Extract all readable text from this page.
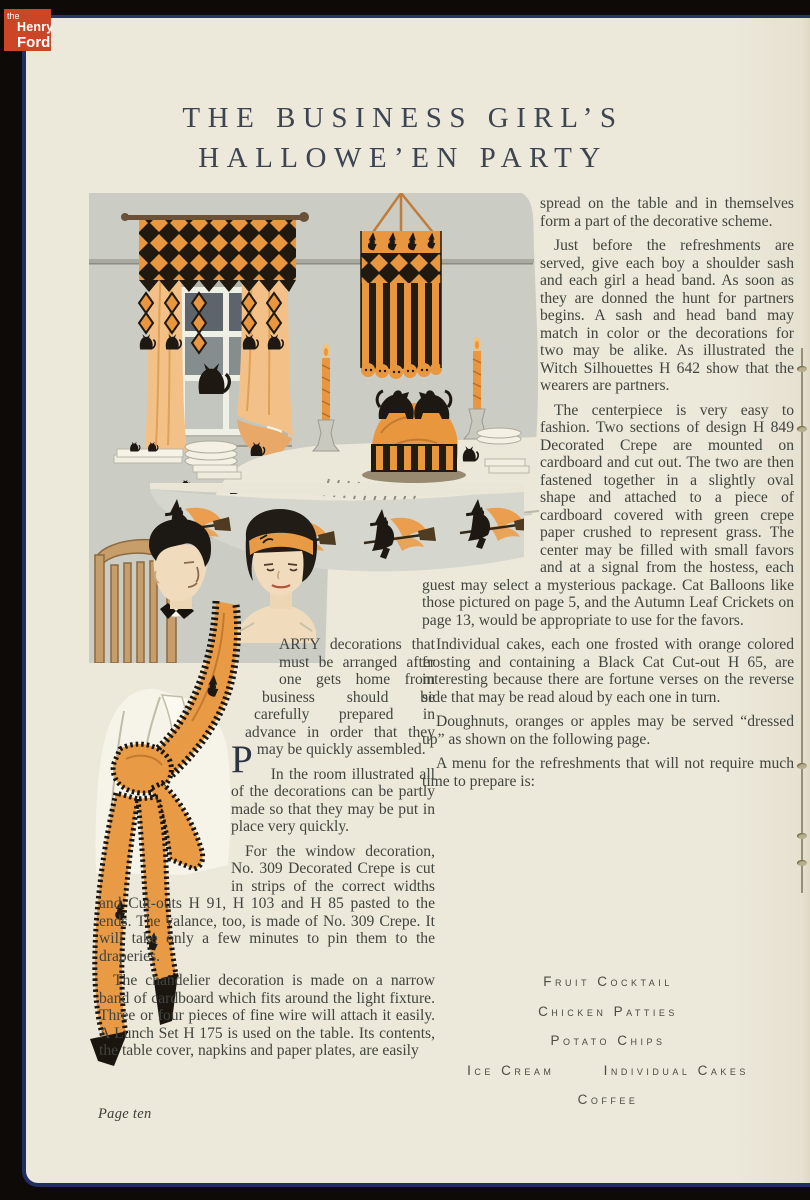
THE BUSINESS GIRL’S
HALLOWE’EN PARTY

spread on the table and in themselves form a part of the decorative scheme.

Just before the refreshments are served, give each boy a shoulder sash and each girl a head band. As soon as they are donned the hunt for partners begins. A sash and head band may match in color or the decorations for two may be alike. As illustrated the Witch Silhouettes H 642 show that the wearers are partners.

The centerpiece is very easy to fashion. Two sections of design H 849 Decorated Crepe are mounted on cardboard and cut out. The two are then fastened together in a slightly oval shape and attached to a piece of cardboard covered with green crepe paper crushed to represent grass. The center may be filled with small favors and at a signal from the hostess, each guest may select a mysterious package. Cat Balloons like those pictured on page 5, and the Autumn Leaf Crickets on page 13, would be appropriate to use for the favors.

Individual cakes, each one frosted with orange colored frosting and containing a Black Cat Cut-out H 65, are interesting because there are fortune verses on the reverse side that may be read aloud by each one in turn.

Doughnuts, oranges or apples may be served “dressed up” as shown on the following page.

A menu for the refreshments that will not require much time to prepare is:

P
ARTY decorations that must be arranged after one gets home from business should be carefully prepared in advance in order that they may be quickly assembled.

In the room illustrated all of the decorations can be partly made so that they may be put in place very quickly.

For the window decoration, No. 309 Decorated Crepe is cut in strips of the correct widths and Cut-outs H 91, H 103 and H 85 pasted to the ends. The valance, too, is made of No. 309 Crepe. It will take only a few minutes to pin them to the draperies.

The chandelier decoration is made on a narrow band of cardboard which fits around the light fixture. Three or four pieces of fine wire will attach it easily. A Lunch Set H 175 is used on the table. Its contents, the table cover, napkins and paper plates, are easily

Fruit Cocktail
Chicken Patties
Potato Chips
Ice Cream	Individual Cakes
Coffee
Page ten
the
Henry
Ford
